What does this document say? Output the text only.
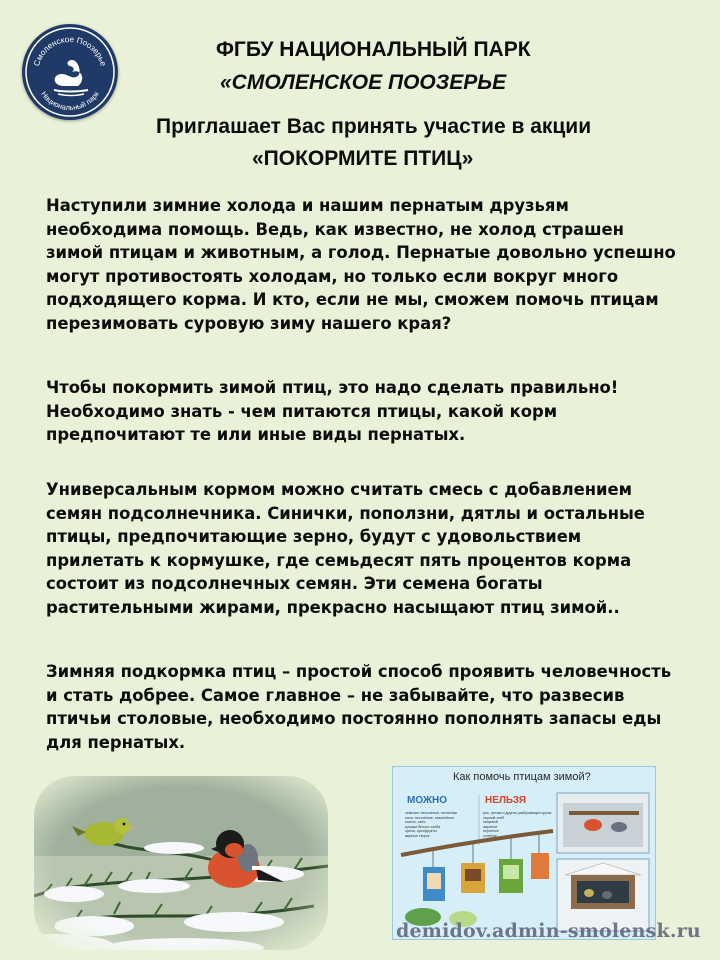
Смоленское Поозерье
Национальный парк
ФГБУ НАЦИОНАЛЬНЫЙ ПАРК
«СМОЛЕНСКОЕ ПООЗЕРЬЕ
Приглашает Вас принять участие в акции
«ПОКОРМИТЕ ПТИЦ»

Наступили зимние холода и нашим пернатым друзьям необходима помощь. Ведь, как известно, не холод страшен зимой птицам и животным, а голод. Пернатые довольно успешно могут противостоять холодам, но только если вокруг много подходящего корма. И кто, если не мы, сможем помочь птицам перезимовать суровую зиму нашего края?

Чтобы покормить зимой птиц, это надо сделать правильно! Необходимо знать - чем питаются птицы, какой корм предпочитают те или иные виды пернатых.

Универсальным кормом можно считать смесь с добавлением семян подсолнечника. Синички, поползни, дятлы и остальные птицы, предпочитающие зерно, будут с удовольствием прилетать к кормушке, где семьдесят пять процентов корма состоит из подсолнечных семян. Эти семена богаты растительными жирами, прекрасно насыщают птиц зимой..

Зимняя подкормка птиц – простой способ проявить человечность и стать добрее. Самое главное – не забывайте, что развесив птичьи столовые, необходимо постоянно пополнять запасы еды для пернатых.

Как помочь птицам зимой?
МОЖНО	НЕЛЬЗЯ
семечки: несоленые, неспелые
сало: несолёное, некопчёное
пшено, овёс
крошки белого хлеба
орехи, сухофрукты
жирные творог
рис, гречка и другие разбухающие крупы
черный хлеб
пищевой
жареное
перчёное
солёное
demidov.admin-smolensk.ru
